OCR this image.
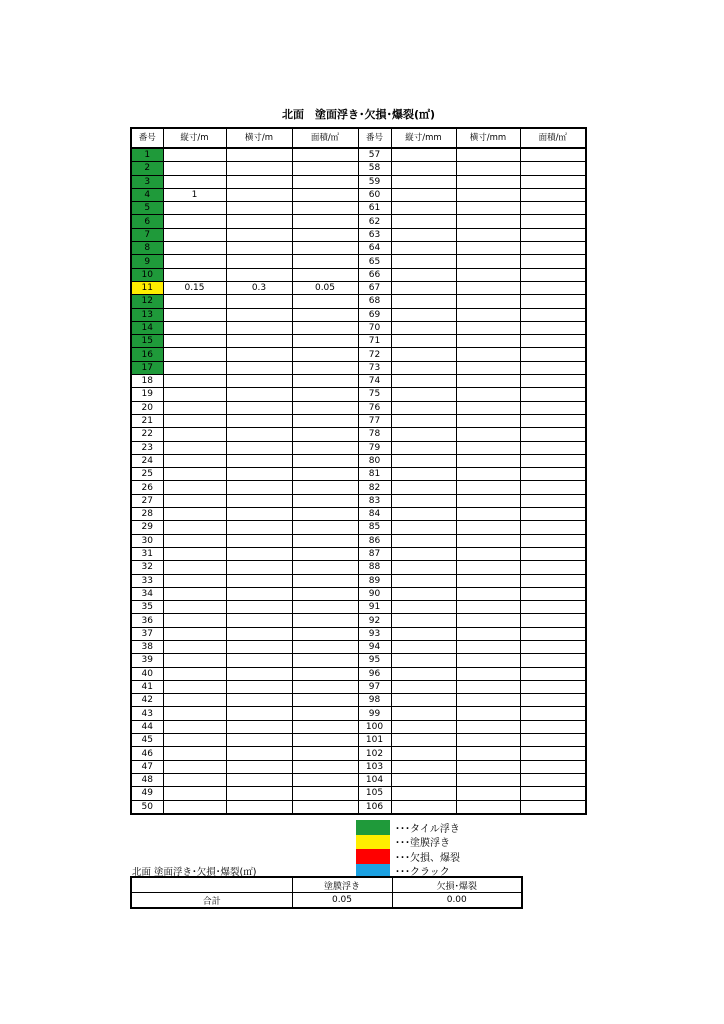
北面　塗面浮き･欠損･爆裂(㎡)
番号	縦寸/m	横寸/m	面積/㎡	番号	縦寸/mm	横寸/mm	面積/㎡
1				57			
2				58			
3				59			
4	1			60			
5				61			
6				62			
7				63			
8				64			
9				65			
10				66			
11	0.15	0.3	0.05	67			
12				68			
13				69			
14				70			
15				71			
16				72			
17				73			
18				74			
19				75			
20				76			
21				77			
22				78			
23				79			
24				80			
25				81			
26				82			
27				83			
28				84			
29				85			
30				86			
31				87			
32				88			
33				89			
34				90			
35				91			
36				92			
37				93			
38				94			
39				95			
40				96			
41				97			
42				98			
43				99			
44				100			
45				101			
46				102			
47				103			
48				104			
49				105			
50				106			
･･･タイル浮き
･･･塗膜浮き
･･･欠損、爆裂
･･･クラック
北面 塗面浮き･欠損･爆裂(㎡)
	塗膜浮き	欠損･爆裂
合計	0.05	0.00
